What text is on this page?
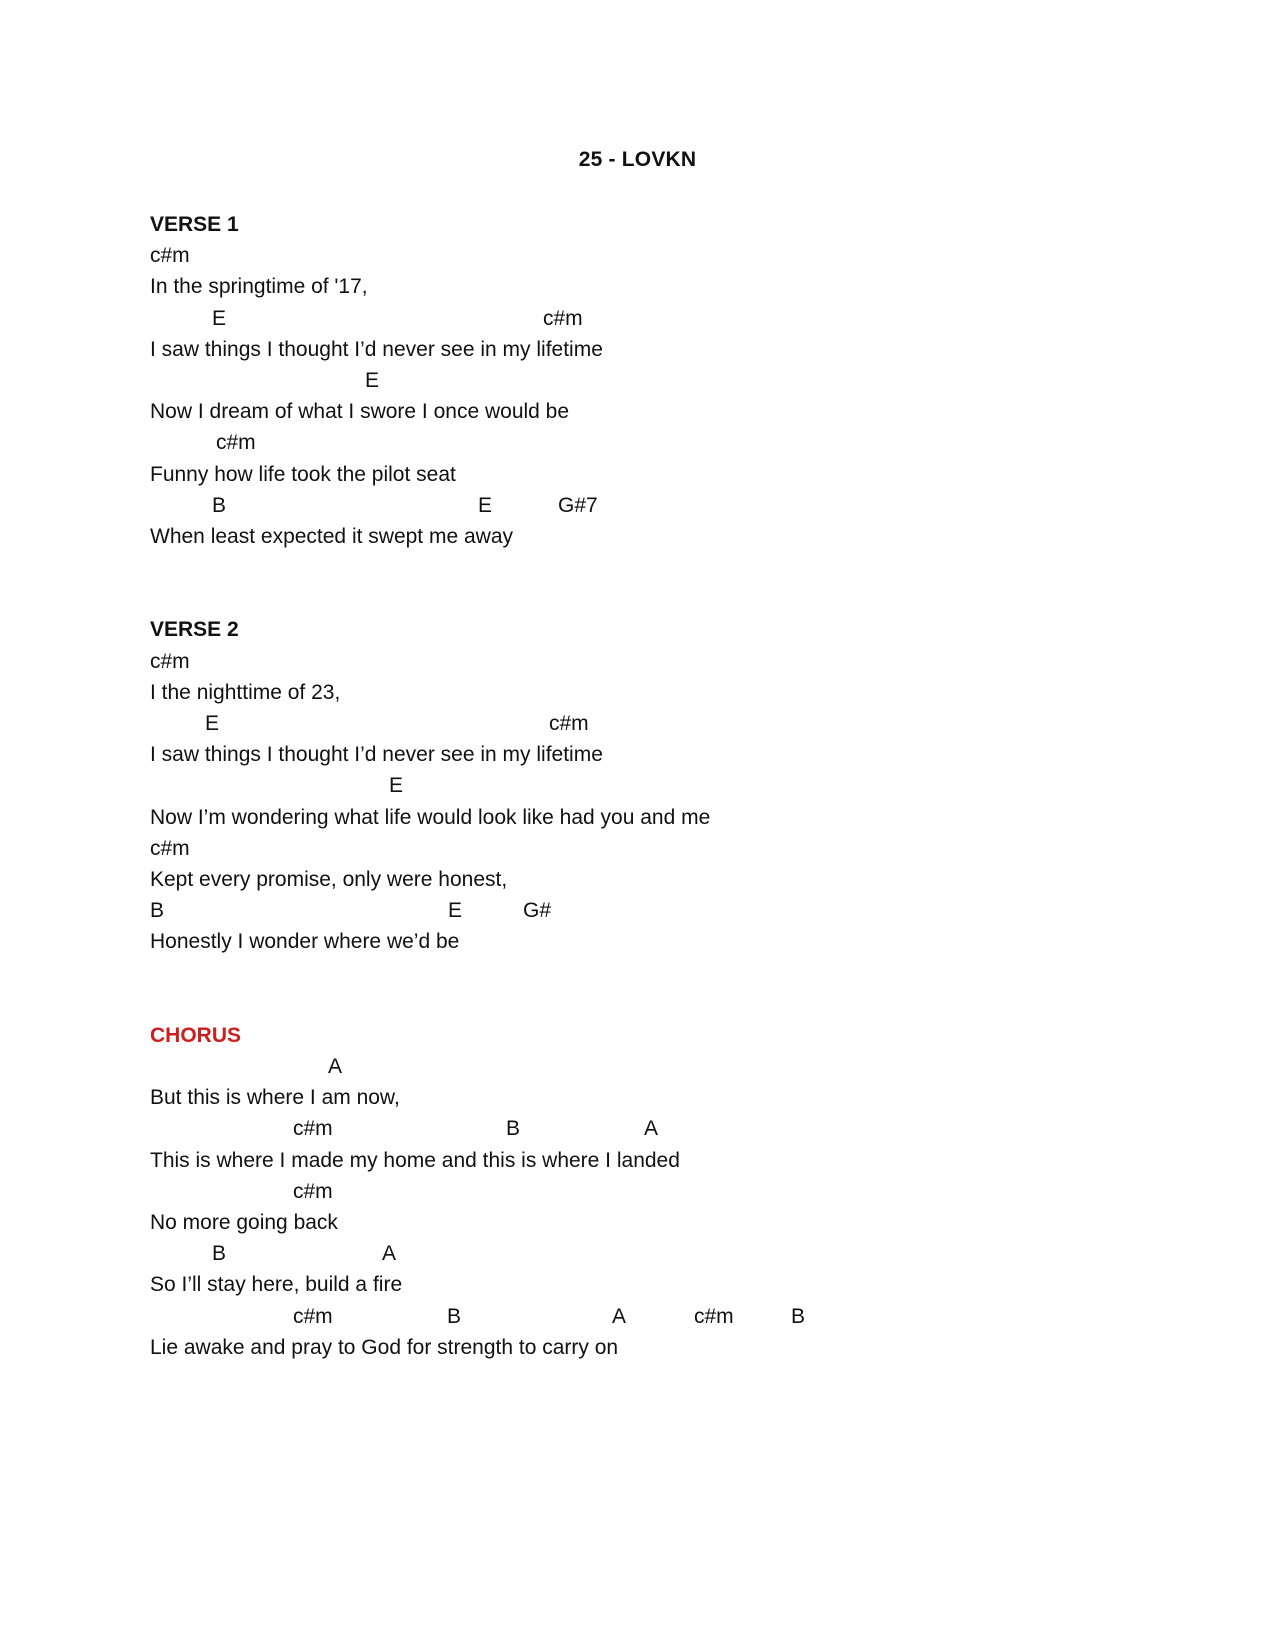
25 - LOVKN
VERSE 1

c#m

In the springtime of '17,

E

	c#m

I saw things I thought I’d never see in my lifetime

E

Now I dream of what I swore I once would be

c#m

Funny how life took the pilot seat

B

	E

	G#7

When least expected it swept me away
VERSE 2

c#m

I the nighttime of 23,

E

	c#m

I saw things I thought I’d never see in my lifetime

E

Now I’m wondering what life would look like had you and me

c#m

Kept every promise, only were honest,

B

	E

	G#

Honestly I wonder where we’d be
CHORUS

A

But this is where I am now,

c#m

	B

	A

This is where I made my home and this is where I landed

c#m

No more going back

B

	A

So I’ll stay here, build a fire

c#m

	B

	A

	c#m

	B

Lie awake and pray to God for strength to carry on
